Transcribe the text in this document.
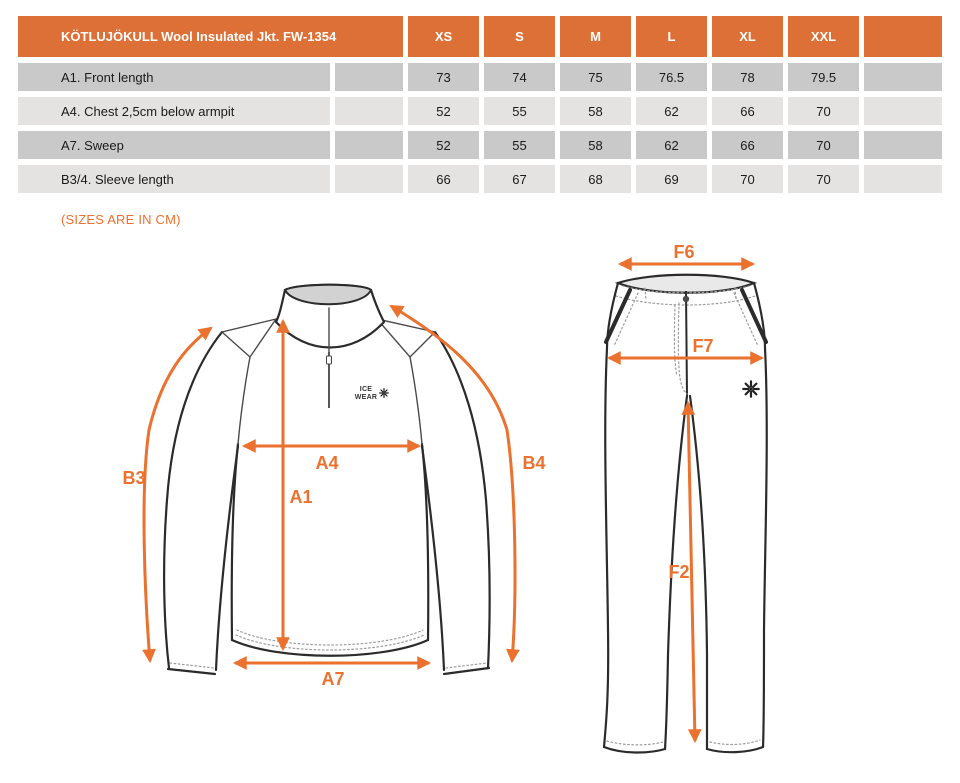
KÖTLUJÖKULL Wool Insulated Jkt. FW-1354	XS	S	M	L	XL	XXL
A1. Front length	73	74	75	76.5	78	79.5
A4. Chest 2,5cm below armpit	52	55	58	62	66	70
A7. Sweep	52	55	58	62	66	70
B3/4. Sleeve length	66	67	68	69	70	70
(SIZES ARE IN CM)
ICE
WEAR
B3
A4
A1
B4
A7
F6
F7
F2
